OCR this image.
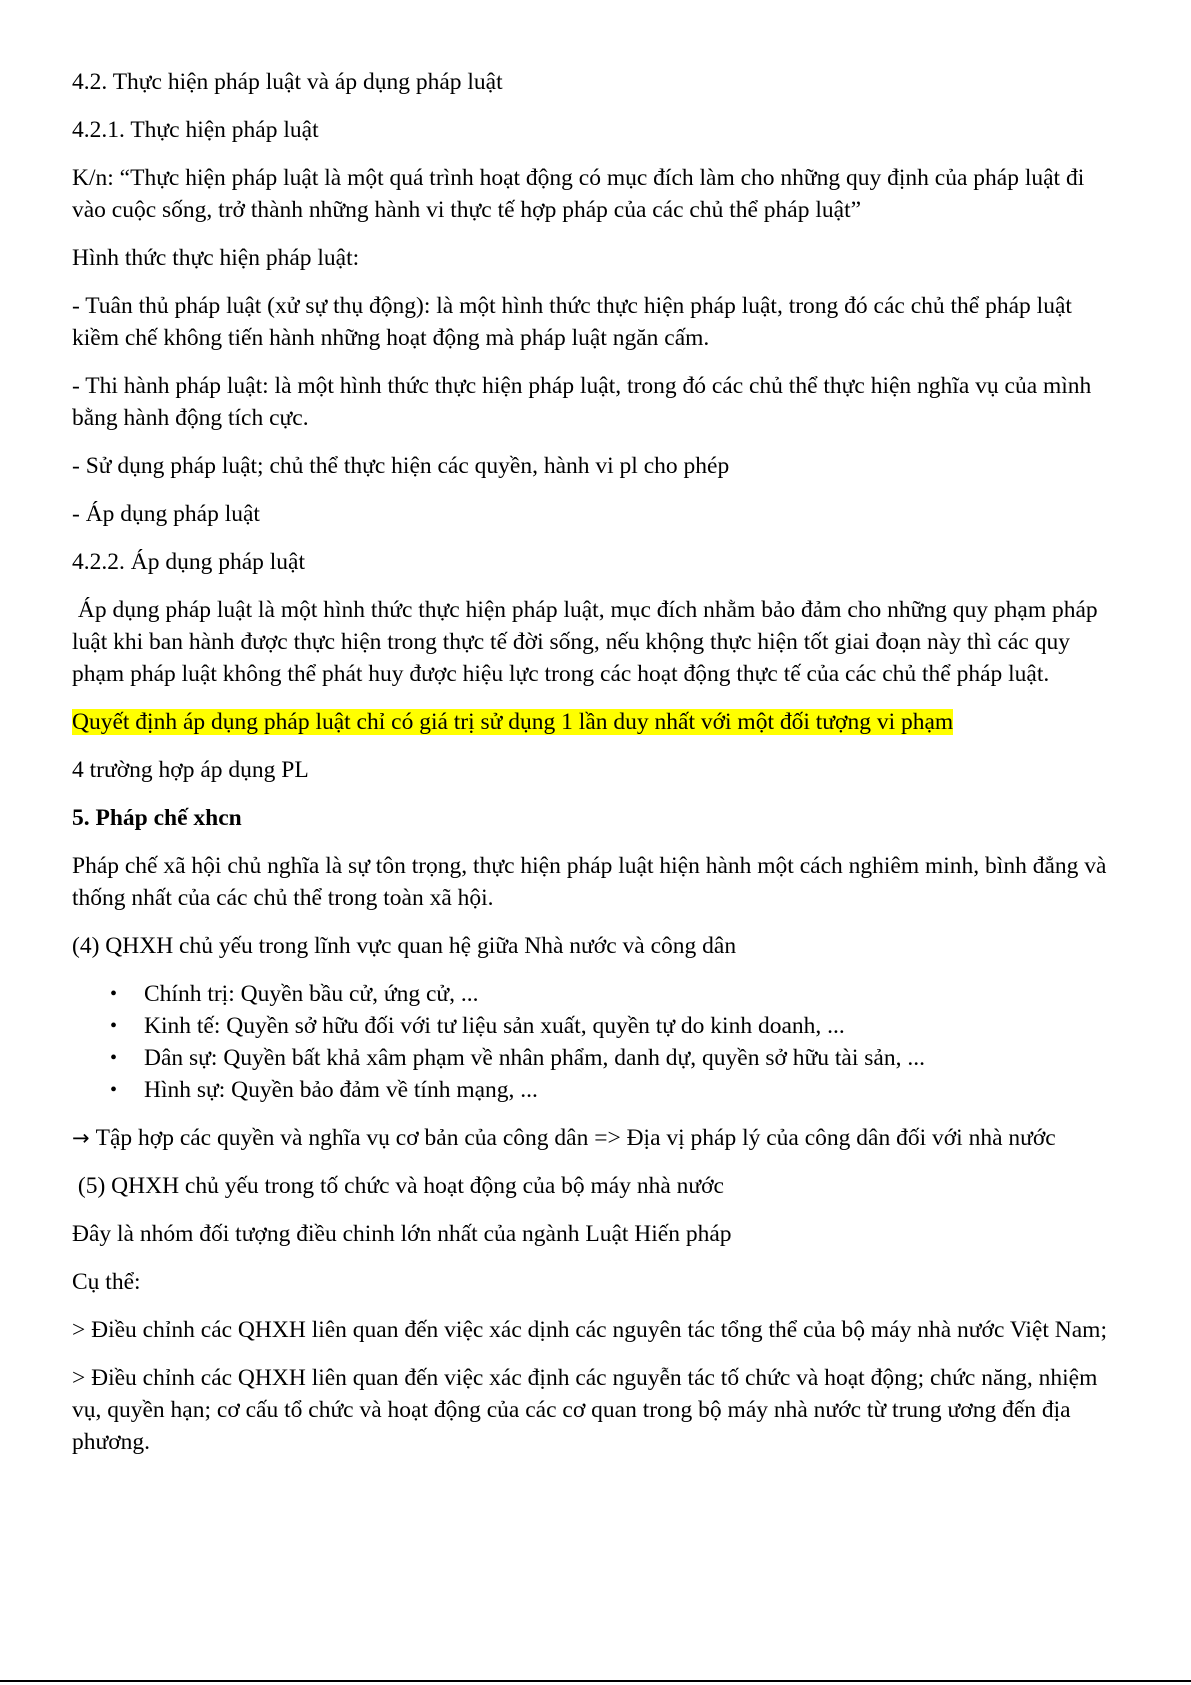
4.2. Thực hiện pháp luật và áp dụng pháp luật

4.2.1. Thực hiện pháp luật

K/n: “Thực hiện pháp luật là một quá trình hoạt động có mục đích làm cho những quy định của pháp luật đi vào cuộc sống, trở thành những hành vi thực tế hợp pháp của các chủ thể pháp luật”

Hình thức thực hiện pháp luật:

- Tuân thủ pháp luật (xử sự thụ động): là một hình thức thực hiện pháp luật, trong đó các chủ thể pháp luật kiềm chế không tiến hành những hoạt động mà pháp luật ngăn cấm.

- Thi hành pháp luật: là một hình thức thực hiện pháp luật, trong đó các chủ thể thực hiện nghĩa vụ của mình bằng hành động tích cực.

- Sử dụng pháp luật; chủ thể thực hiện các quyền, hành vi pl cho phép

- Áp dụng pháp luật

4.2.2. Áp dụng pháp luật

Áp dụng pháp luật là một hình thức thực hiện pháp luật, mục đích nhằm bảo đảm cho những quy phạm pháp luật khi ban hành được thực hiện trong thực tế đời sống, nếu khộng thực hiện tốt giai đoạn này thì các quy phạm pháp luật không thể phát huy được hiệu lực trong các hoạt động thực tế của các chủ thể pháp luật.

Quyết định áp dụng pháp luật chỉ có giá trị sử dụng 1 lần duy nhất với một đối tượng vi phạm

4 trường hợp áp dụng PL

5. Pháp chế xhcn

Pháp chế xã hội chủ nghĩa là sự tôn trọng, thực hiện pháp luật hiện hành một cách nghiêm minh, bình đẳng và thống nhất của các chủ thể trong toàn xã hội.

(4) QHXH chủ yếu trong lĩnh vực quan hệ giữa Nhà nước và công dân

• Chính trị: Quyền bầu cử, ứng cử, ...
• Kinh tế: Quyền sở hữu đối với tư liệu sản xuất, quyền tự do kinh doanh, ...
• Dân sự: Quyền bất khả xâm phạm về nhân phẩm, danh dự, quyền sở hữu tài sản, ...
• Hình sự: Quyền bảo đảm về tính mạng, ...

→ Tập hợp các quyền và nghĩa vụ cơ bản của công dân => Địa vị pháp lý của công dân đối với nhà nước

(5) QHXH chủ yếu trong tố chức và hoạt động của bộ máy nhà nước

Đây là nhóm đối tượng điều chinh lớn nhất của ngành Luật Hiến pháp

Cụ thể:

> Điều chỉnh các QHXH liên quan đến việc xác dịnh các nguyên tác tổng thể của bộ máy nhà nước Việt Nam;

> Điều chỉnh các QHXH liên quan đến việc xác định các nguyễn tác tố chức và hoạt động; chức năng, nhiệm vụ, quyền hạn; cơ cấu tổ chức và hoạt động của các cơ quan trong bộ máy nhà nước từ trung ương đến địa phương.
